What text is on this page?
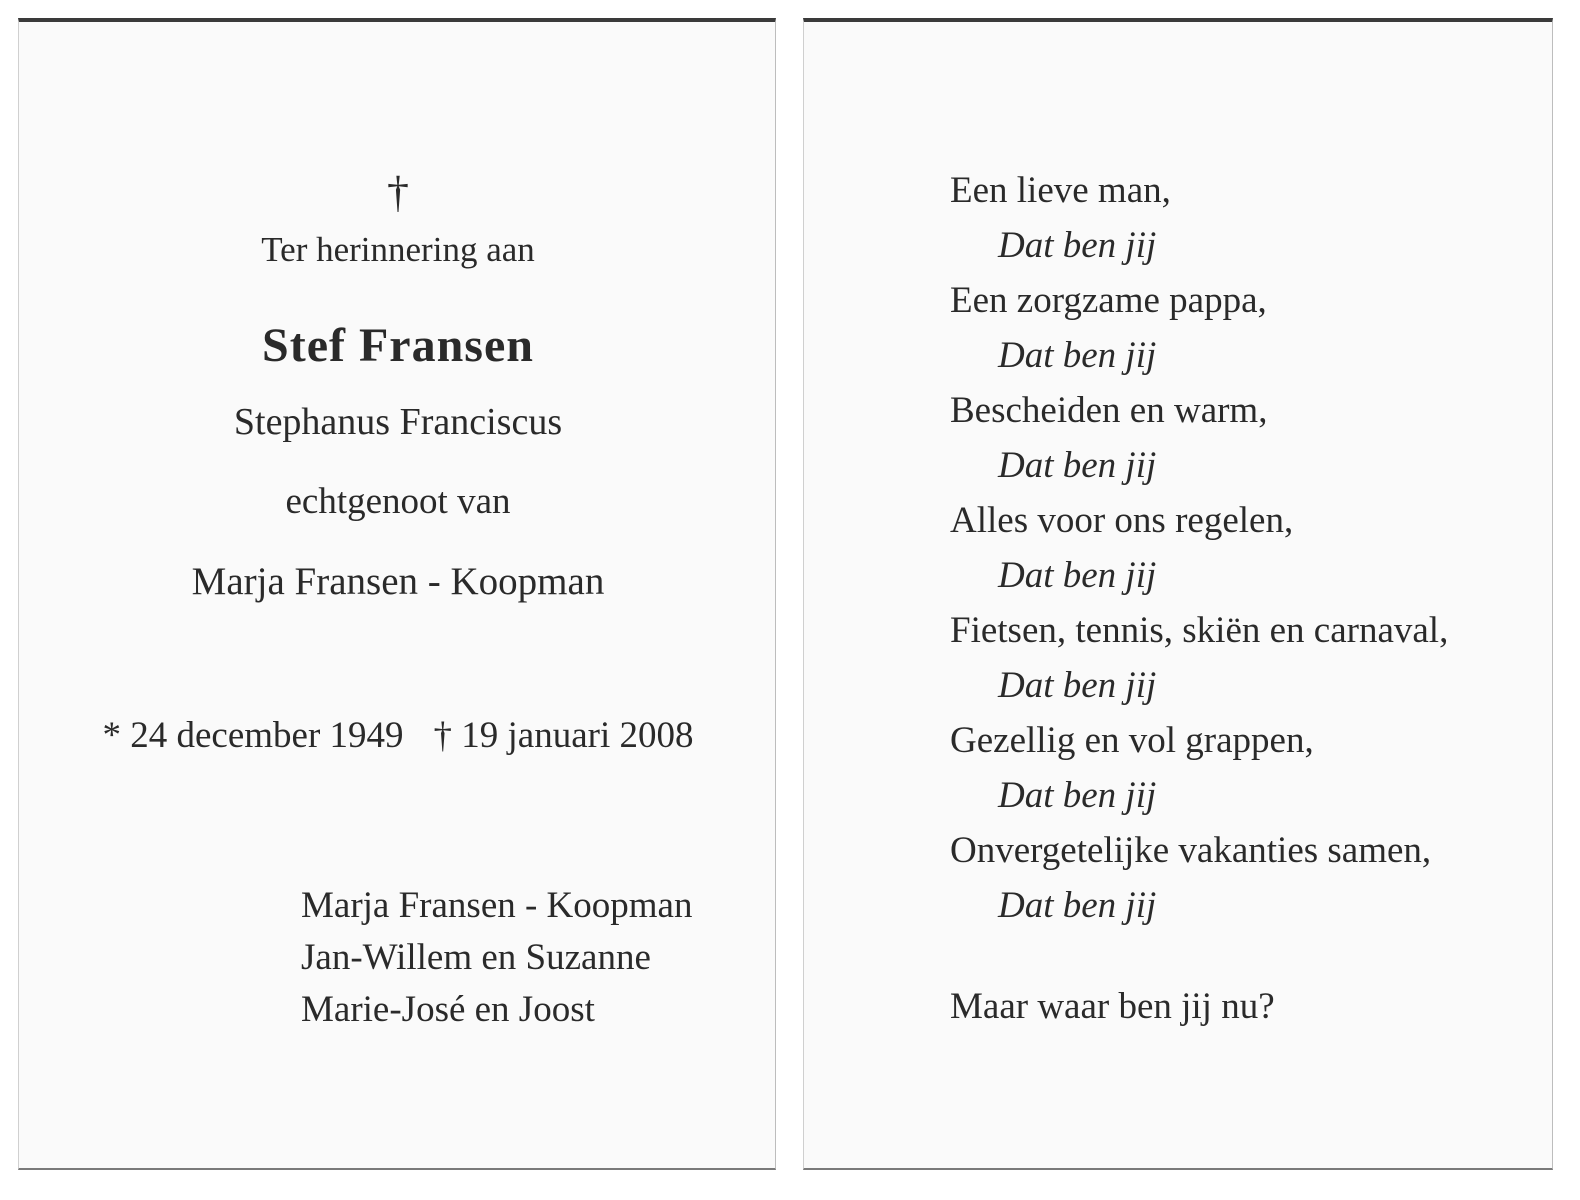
†
Ter herinnering aan
Stef Fransen
Stephanus Franciscus
echtgenoot van
Marja Fransen - Koopman
* 24 december 1949 † 19 januari 2008
Marja Fransen - Koopman
Jan-Willem en Suzanne
Marie-José en Joost
Een lieve man,
Dat ben jij
Een zorgzame pappa,
Dat ben jij
Bescheiden en warm,
Dat ben jij
Alles voor ons regelen,
Dat ben jij
Fietsen, tennis, skiën en carnaval,
Dat ben jij
Gezellig en vol grappen,
Dat ben jij
Onvergetelijke vakanties samen,
Dat ben jij
Maar waar ben jij nu?
